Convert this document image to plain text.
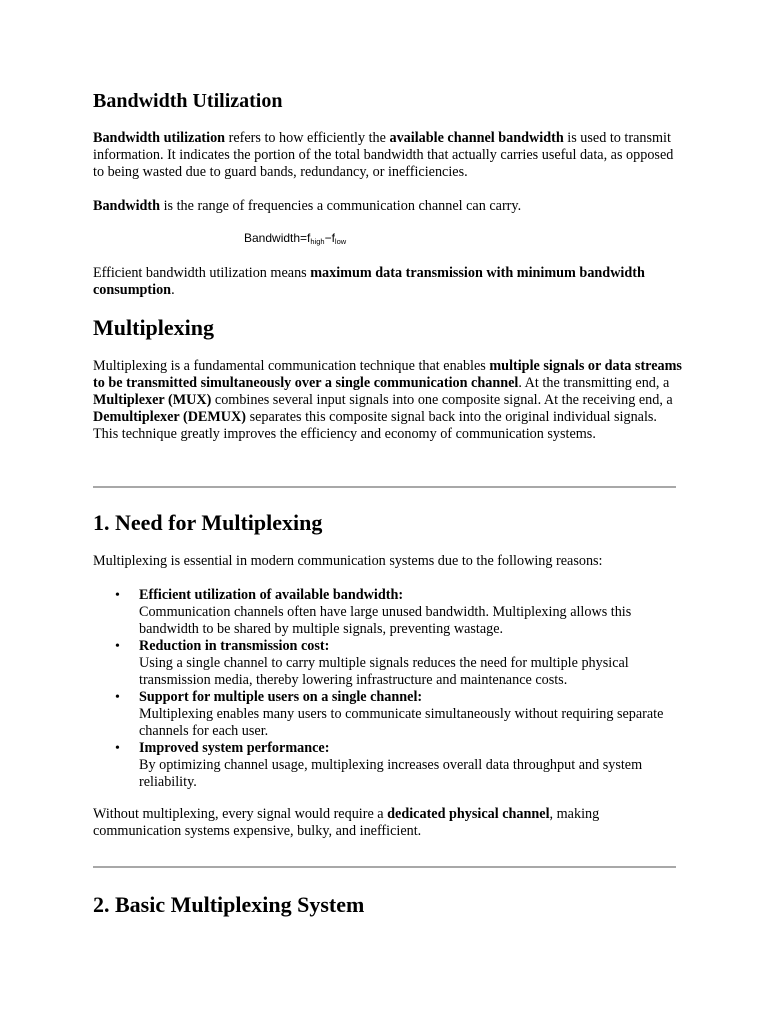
Bandwidth Utilization

Bandwidth utilization refers to how efficiently the available channel bandwidth is used to transmit information. It indicates the portion of the total bandwidth that actually carries useful data, as opposed to being wasted due to guard bands, redundancy, or inefficiencies.

Bandwidth is the range of frequencies a communication channel can carry.

$Bandwidth=f_{high}-f_{low}$

Efficient bandwidth utilization means maximum data transmission with minimum bandwidth consumption.

Multiplexing

Multiplexing is a fundamental communication technique that enables multiple signals or data streams to be transmitted simultaneously over a single communication channel. At the transmitting end, a Multiplexer (MUX) combines several input signals into one composite signal. At the receiving end, a Demultiplexer (DEMUX) separates this composite signal back into the original individual signals. This technique greatly improves the efficiency and economy of communication systems.

1. Need for Multiplexing

Multiplexing is essential in modern communication systems due to the following reasons:

• Efficient utilization of available bandwidth:
Communication channels often have large unused bandwidth. Multiplexing allows this bandwidth to be shared by multiple signals, preventing wastage.
• Reduction in transmission cost:
Using a single channel to carry multiple signals reduces the need for multiple physical transmission media, thereby lowering infrastructure and maintenance costs.
• Support for multiple users on a single channel:
Multiplexing enables many users to communicate simultaneously without requiring separate channels for each user.
• Improved system performance:
By optimizing channel usage, multiplexing increases overall data throughput and system reliability.

Without multiplexing, every signal would require a dedicated physical channel, making communication systems expensive, bulky, and inefficient.

2. Basic Multiplexing System
